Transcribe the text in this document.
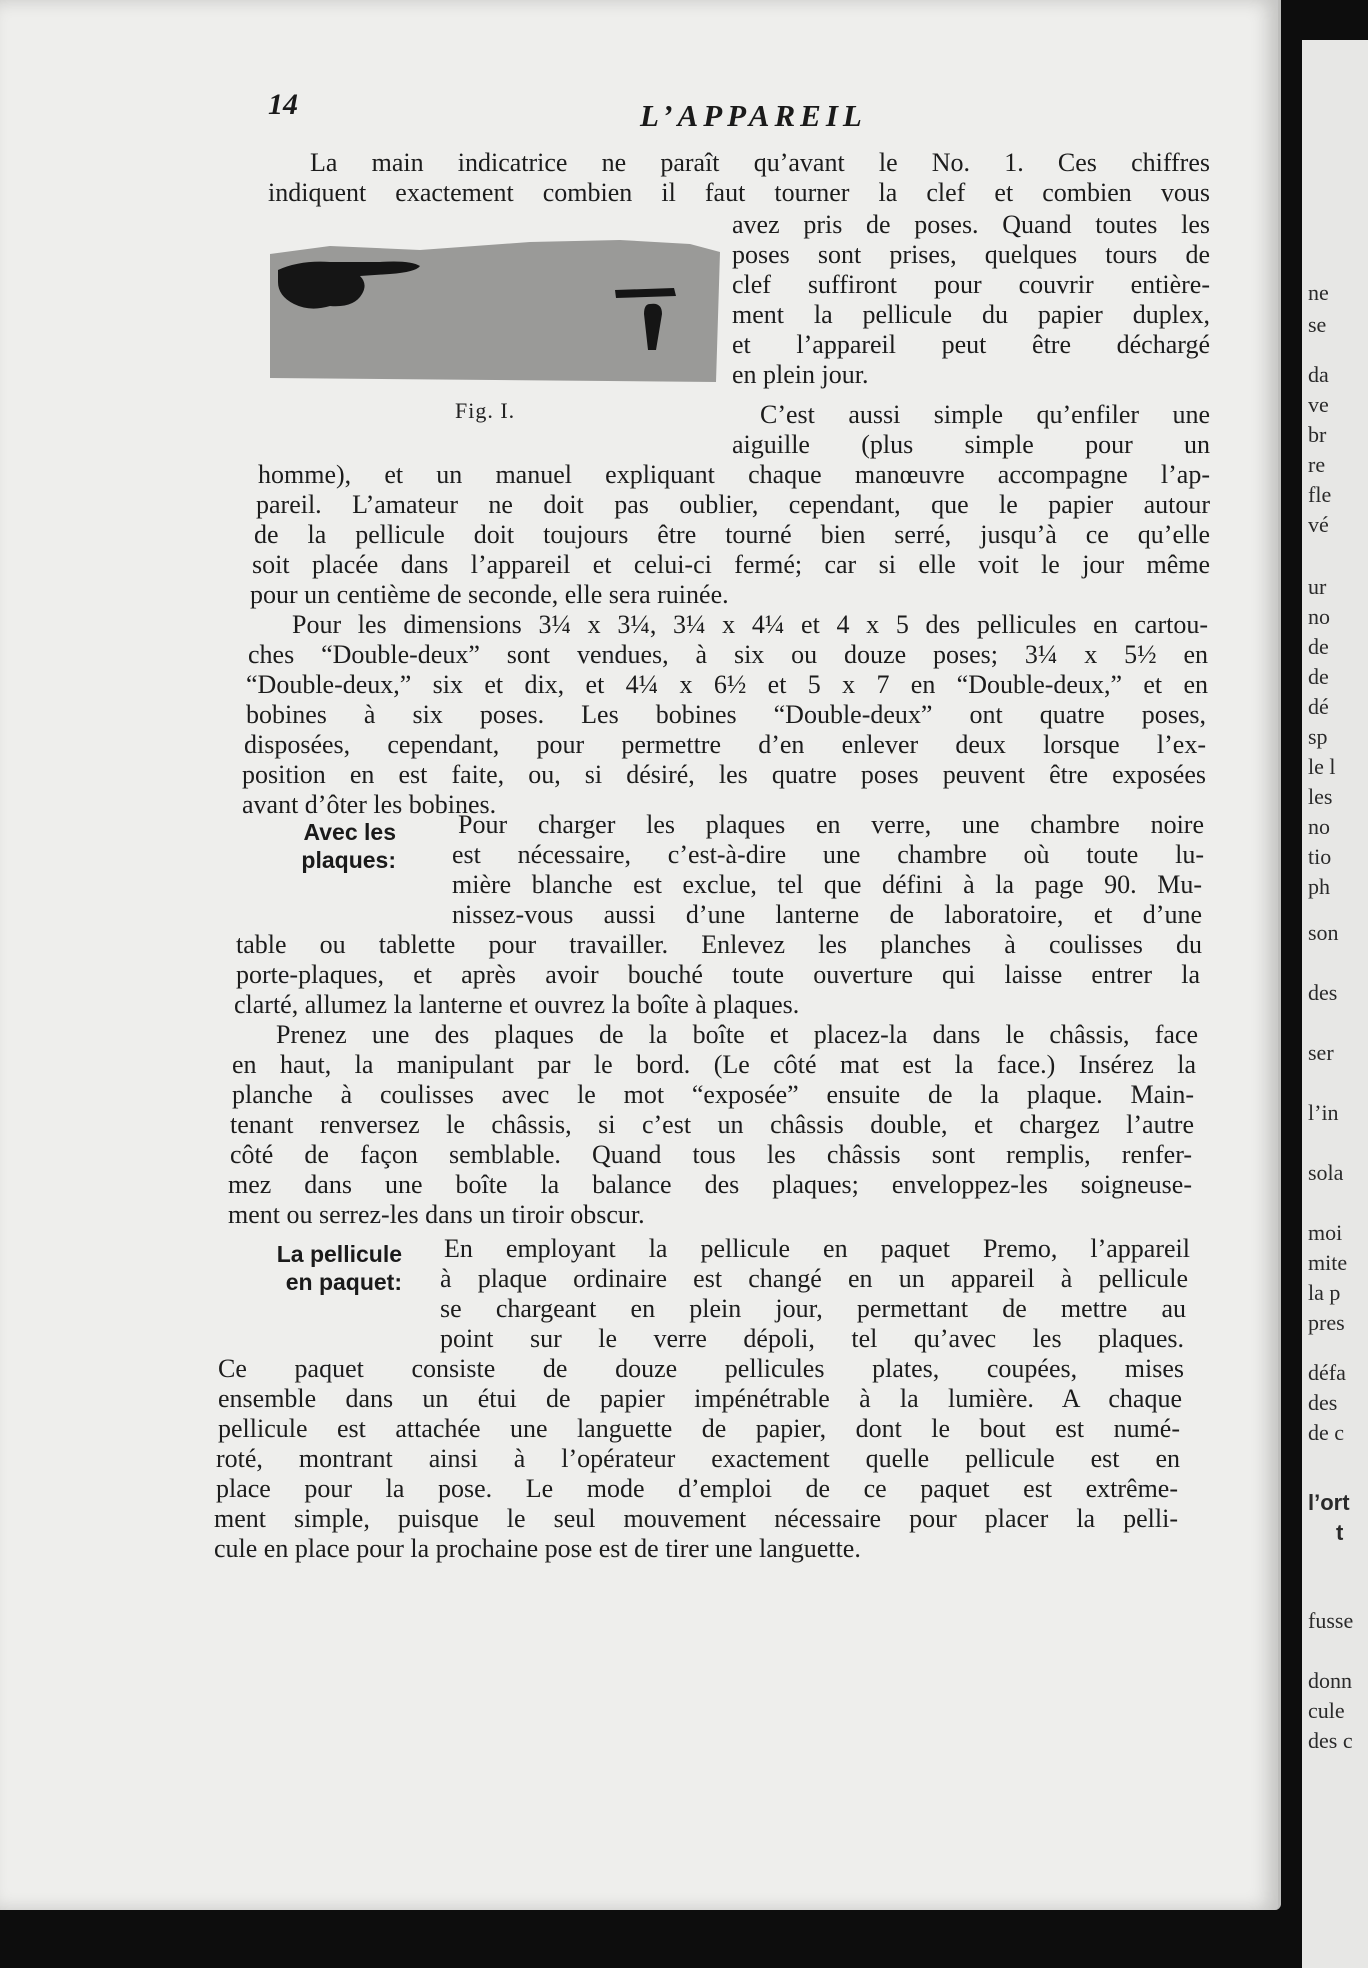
14	L’APPAREIL
Fig. I.
Avec les plaques:
La pellicule en paquet:
La main indicatrice ne paraît qu’avant le No. 1. Ces chiffres
indiquent exactement combien il faut tourner la clef et combien vous
avez pris de poses. Quand toutes les
poses sont prises, quelques tours de
clef suffiront pour couvrir entière-
ment la pellicule du papier duplex,
et l’appareil peut être déchargé
en plein jour.
C’est aussi simple qu’enfiler une
aiguille (plus simple pour un
homme), et un manuel expliquant chaque manœuvre accompagne l’ap-
pareil. L’amateur ne doit pas oublier, cependant, que le papier autour
de la pellicule doit toujours être tourné bien serré, jusqu’à ce qu’elle
soit placée dans l’appareil et celui-ci fermé; car si elle voit le jour même
pour un centième de seconde, elle sera ruinée.
Pour les dimensions 3¼ x 3¼, 3¼ x 4¼ et 4 x 5 des pellicules en cartou-
ches “Double-deux” sont vendues, à six ou douze poses; 3¼ x 5½ en
“Double-deux,” six et dix, et 4¼ x 6½ et 5 x 7 en “Double-deux,” et en
bobines à six poses. Les bobines “Double-deux” ont quatre poses,
disposées, cependant, pour permettre d’en enlever deux lorsque l’ex-
position en est faite, ou, si désiré, les quatre poses peuvent être exposées
avant d’ôter les bobines.
Pour charger les plaques en verre, une chambre noire
est nécessaire, c’est-à-dire une chambre où toute lu-
mière blanche est exclue, tel que défini à la page 90. Mu-
nissez-vous aussi d’une lanterne de laboratoire, et d’une
table ou tablette pour travailler. Enlevez les planches à coulisses du
porte-plaques, et après avoir bouché toute ouverture qui laisse entrer la
clarté, allumez la lanterne et ouvrez la boîte à plaques.
Prenez une des plaques de la boîte et placez-la dans le châssis, face
en haut, la manipulant par le bord. (Le côté mat est la face.) Insérez la
planche à coulisses avec le mot “exposée” ensuite de la plaque. Main-
tenant renversez le châssis, si c’est un châssis double, et chargez l’autre
côté de façon semblable. Quand tous les châssis sont remplis, renfer-
mez dans une boîte la balance des plaques; enveloppez-les soigneuse-
ment ou serrez-les dans un tiroir obscur.
En employant la pellicule en paquet Premo, l’appareil
à plaque ordinaire est changé en un appareil à pellicule
se chargeant en plein jour, permettant de mettre au
point sur le verre dépoli, tel qu’avec les plaques.
Ce paquet consiste de douze pellicules plates, coupées, mises
ensemble dans un étui de papier impénétrable à la lumière. A chaque
pellicule est attachée une languette de papier, dont le bout est numé-
roté, montrant ainsi à l’opérateur exactement quelle pellicule est en
place pour la pose. Le mode d’emploi de ce paquet est extrême-
ment simple, puisque le seul mouvement nécessaire pour placer la pelli-
cule en place pour la prochaine pose est de tirer une languette.
ne
se
da
ve
br
re
fle
vé
ur
no
de
de
dé
sp
le l
les
no
tio
ph
son
des
ser
l’in
sola
moi
mite
la p
pres
défa
des
de c
l’ort
t
fusse
donn
cule
des c
